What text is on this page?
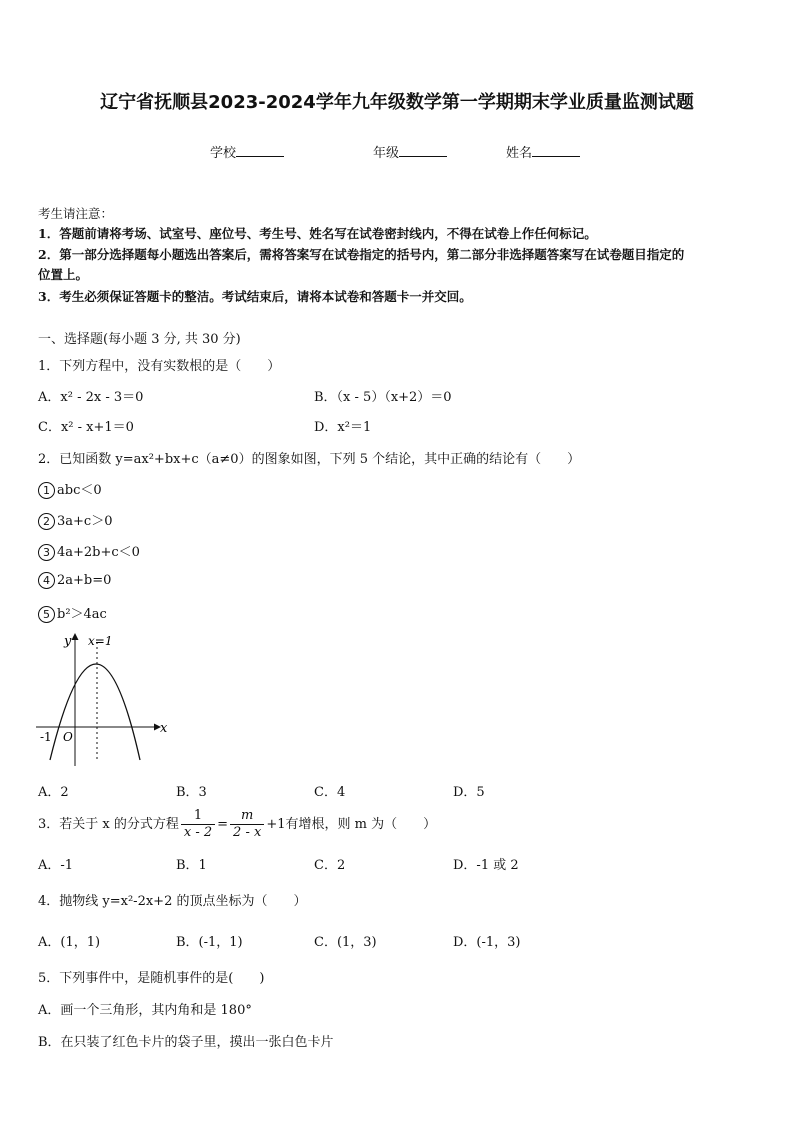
辽宁省抚顺县2023-2024学年九年级数学第一学期期末学业质量监测试题
学校	年级	姓名
考生请注意：
1．答题前请将考场、试室号、座位号、考生号、姓名写在试卷密封线内，不得在试卷上作任何标记。
2．第一部分选择题每小题选出答案后，需将答案写在试卷指定的括号内，第二部分非选择题答案写在试卷题目指定的
位置上。
3．考生必须保证答题卡的整洁。考试结束后，请将本试卷和答题卡一并交回。
一、选择题(每小题 3 分, 共 30 分)
1．下列方程中，没有实数根的是（　　）
A．x² - 2x - 3＝0	B．（x - 5）（x+2）＝0
C．x² - x+1＝0	D．x²＝1
2．已知函数 y=ax²+bx+c（a≠0）的图象如图，下列 5 个结论，其中正确的结论有（　　）
1 abc＜0
2 3a+c＞0
3 4a+2b+c＜0
4 2a+b=0
5 b²＞4ac
y x=1
x
-1 O
A．2	B．3	C．4	D．5
3．若关于 x 的分式方程 $\frac{1}{x - 2} = \frac{m}{2 - x} +1$有增根，则 m 为（　　）
A．-1	B．1	C．2	D．-1 或 2
4．抛物线 y=x²-2x+2 的顶点坐标为（　　）
A．(1，1)	B．(-1，1)	C．(1，3)	D．(-1，3)
5．下列事件中，是随机事件的是(　　)
A．画一个三角形，其内角和是 180°
B．在只装了红色卡片的袋子里，摸出一张白色卡片
